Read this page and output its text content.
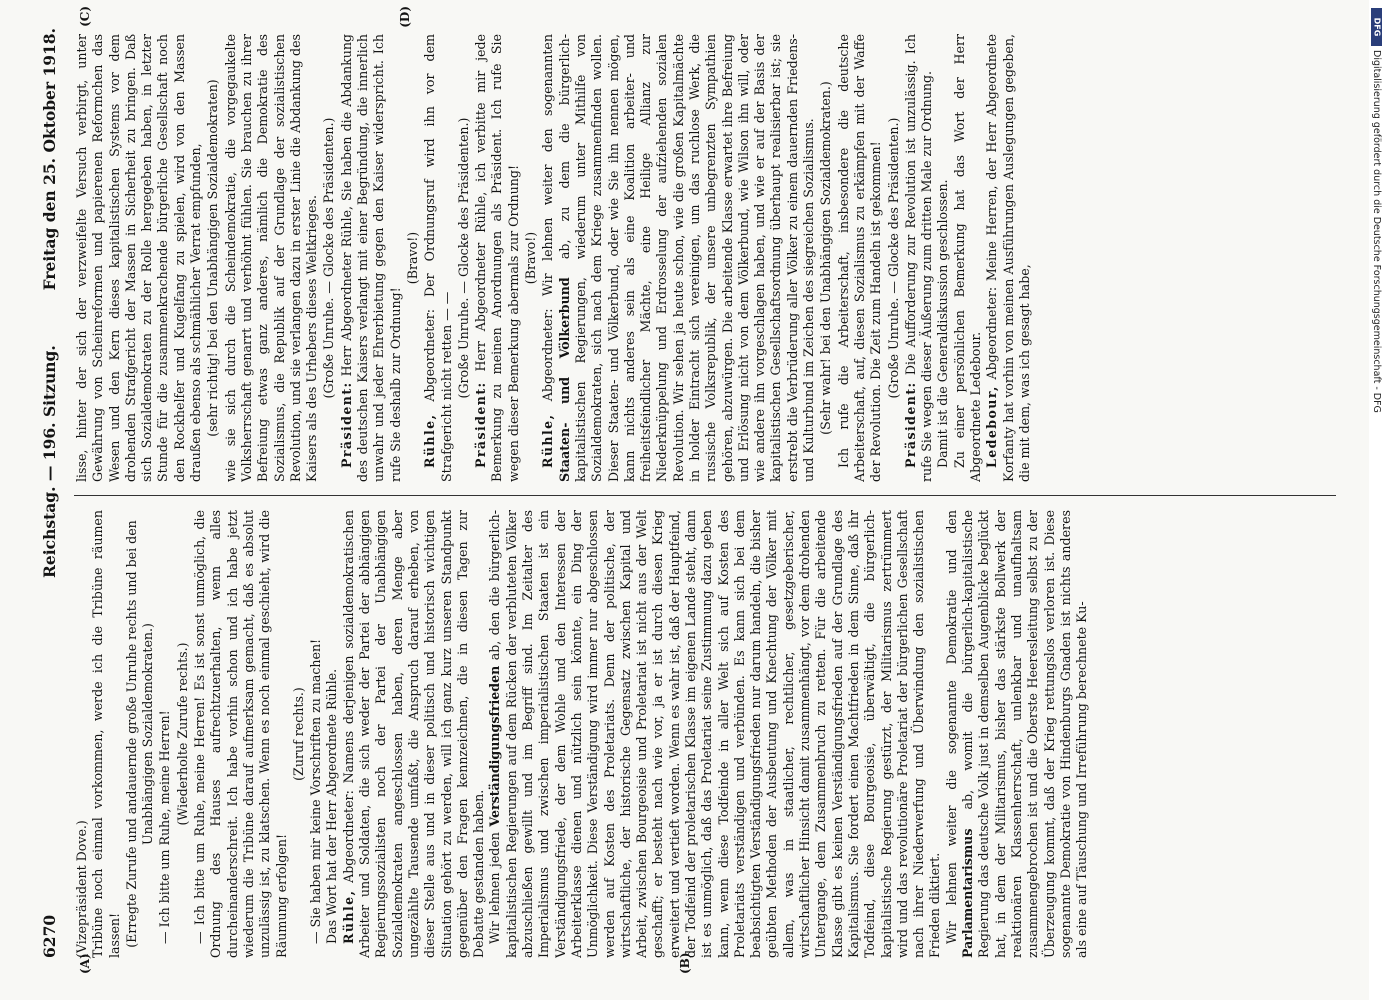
6270
Reichstag. — 196. Sitzung.
Freitag den 25. Oktober 1918.
(A)	(B)
(C)	(D)

(Vizepräsident Dove.) Tribüne noch einmal vorkommen, werde ich die Tribüne räumen lassen! (Erregte Zurufe und andauernde große Unruhe rechts und bei den Unabhängigen Sozialdemokraten.) — Ich bitte um Ruhe, meine Herren! (Wiederholte Zurufe rechts.) — Ich bitte um Ruhe, meine Herren! Es ist sonst unmöglich, die Ordnung des Hauses aufrechtzuerhalten, wenn alles durcheinanderschreit. Ich habe vorhin schon und ich habe jetzt wiederum die Tribüne darauf aufmerksam gemacht, daß es absolut unzulässig ist, zu klatschen. Wenn es noch einmal geschieht, wird die Räumung erfolgen!

(Zuruf rechts.) — Sie haben mir keine Vorschriften zu machen! Das Wort hat der Herr Abgeordnete Rühle. Rühle, Abgeordneter: Namens derjenigen sozialdemokratischen Arbeiter und Soldaten, die sich weder der Partei der abhängigen Regierungssozialisten noch der Partei der Unabhängigen Sozialdemokraten angeschlossen haben, deren Menge aber ungezählte Tausende umfaßt, die Anspruch darauf erheben, von dieser Stelle aus und in dieser politisch und historisch wichtigen Situation gehört zu werden, will ich ganz kurz unseren Standpunkt gegenüber den Fragen kennzeichnen, die in diesen Tagen zur Debatte gestanden haben. Wir lehnen jeden Verständigungsfrieden ab, den die bürgerlich-kapitalistischen Regierungen auf dem Rücken der verbluteten Völker abzuschließen gewillt und im Begriff sind. Im Zeitalter des Imperialismus und zwischen imperialistischen Staaten ist ein Verständigungsfriede, der dem Wohle und den Interessen der Arbeiterklasse dienen und nützlich sein könnte, ein Ding der Unmöglichkeit. Diese Verständigung wird immer nur abgeschlossen werden auf Kosten des Proletariats. Denn der politische, der wirtschaftliche, der historische Gegensatz zwischen Kapital und Arbeit, zwischen Bourgeoisie und Proletariat ist nicht aus der Welt geschafft; er besteht nach wie vor, ja er ist durch diesen Krieg erweitert und vertieft worden. Wenn es wahr ist, daß der Hauptfeind, der Todfeind der proletarischen Klasse im eigenen Lande steht, dann ist es unmöglich, daß das Proletariat seine Zustimmung dazu geben kann, wenn diese Todfeinde in aller Welt sich auf Kosten des Proletariats verständigen und verbünden. Es kann sich bei dem beabsichtigten Verständigungsfrieden nur darum handeln, die bisher geübten Methoden der Ausbeutung und Knechtung der Völker mit allem, was in staatlicher, rechtlicher, gesetzgeberischer, wirtschaftlicher Hinsicht damit zusammenhängt, vor dem drohenden Untergange, dem Zusammenbruch zu retten. Für die arbeitende Klasse gibt es keinen Verständigungsfrieden auf der Grundlage des Kapitalismus. Sie fordert einen Machtfrieden in dem Sinne, daß ihr Todfeind, diese Bourgeoisie, überwältigt, die bürgerlich-kapitalistische Regierung gestürzt, der Militarismus zertrümmert wird und das revolutionäre Proletariat der bürgerlichen Gesellschaft nach ihrer Niederwerfung und Überwindung den sozialistischen Frieden diktiert. Wir lehnen weiter die sogenannte Demokratie und den Parlamentarismus ab, womit die bürgerlich-kapitalistische Regierung das deutsche Volk just in demselben Augenblicke beglückt hat, in dem der Militarismus, bisher das stärkste Bollwerk der reaktionären Klassenherrschaft, unlenkbar und unaufhaltsam zusammengebrochen ist und die Oberste Heeresleitung selbst zu der Überzeugung kommt, daß der Krieg rettungslos verloren ist. Diese sogenannte Demokratie von Hindenburgs Gnaden ist nichts anderes als eine auf Täuschung und Irreführung berechnete Ku-

lisse, hinter der sich der verzweifelte Versuch verbirgt, unter Gewährung von Scheinreformen und papierenen Reformchen das Wesen und den Kern dieses kapitalistischen Systems vor dem drohenden Strafgericht der Massen in Sicherheit zu bringen. Daß sich Sozialdemokraten zu der Rolle hergegeben haben, in letzter Stunde für die zusammenkrachende bürgerliche Gesellschaft noch den Rockhelfer und Kugelfang zu spielen, wird von den Massen draußen ebenso als schmählicher Verrat empfunden, (sehr richtig! bei den Unabhängigen Sozialdemokraten) wie sie sich durch die Scheindemokratie, die vorgegaukelte Volksherrschaft genarrt und verhöhnt fühlen. Sie brauchen zu ihrer Befreiung etwas ganz anderes, nämlich die Demokratie des Sozialismus, die Republik auf der Grundlage der sozialistischen Revolution, und sie verlangen dazu in erster Linie die Abdankung des Kaisers als des Urhebers dieses Weltkrieges. (Große Unruhe. — Glocke des Präsidenten.)

Präsident: Herr Abgeordneter Rühle, Sie haben die Abdankung des deutschen Kaisers verlangt mit einer Begründung, die innerlich unwahr und jeder Ehrerbietung gegen den Kaiser widerspricht. Ich rufe Sie deshalb zur Ordnung!

(Bravo!)

Rühle, Abgeordneter: Der Ordnungsruf wird ihn vor dem Strafgericht nicht retten — — (Große Unruhe. — Glocke des Präsidenten.)

Präsident: Herr Abgeordneter Rühle, ich verbitte mir jede Bemerkung zu meinen Anordnungen als Präsident. Ich rufe Sie wegen dieser Bemerkung abermals zur Ordnung! (Bravo!)

Rühle, Abgeordneter: Wir lehnen weiter den sogenannten Staaten- und Völkerbund ab, zu dem die bürgerlich-kapitalistischen Regierungen, wiederum unter Mithilfe von Sozialdemokraten, sich nach dem Kriege zusammenfinden wollen. Dieser Staaten- und Völkerbund, oder wie Sie ihn nennen mögen, kann nichts anderes sein als eine Koalition arbeiter- und freiheitsfeindlicher Mächte, eine Heilige Allianz zur Niederknüppelung und Erdrosselung der aufziehenden sozialen Revolution. Wir sehen ja heute schon, wie die großen Kapitalmächte in holder Eintracht sich vereinigen, um das ruchlose Werk, die russische Volksrepublik, der unsere unbegrenzten Sympathien gehören, abzuwürgen. Die arbeitende Klasse erwartet ihre Befreiung und Erlösung nicht von dem Völkerbund, wie Wilson ihn will, oder wie andere ihn vorgeschlagen haben, und wie er auf der Basis der kapitalistischen Gesellschaftsordnung überhaupt realisierbar ist; sie erstrebt die Verbrüderung aller Völker zu einem dauernden Friedens- und Kulturbund im Zeichen des siegreichen Sozialismus. (Sehr wahr! bei den Unabhängigen Sozialdemokraten.) Ich rufe die Arbeiterschaft, insbesondere die deutsche Arbeiterschaft, auf, diesen Sozialismus zu erkämpfen mit der Waffe der Revolution. Die Zeit zum Handeln ist gekommen! (Große Unruhe. — Glocke des Präsidenten.)

Präsident: Die Aufforderung zur Revolution ist unzulässig. Ich rufe Sie wegen dieser Äußerung zum dritten Male zur Ordnung. Damit ist die Generaldiskussion geschlossen. Zu einer persönlichen Bemerkung hat das Wort der Herr Abgeordnete Ledebour. Ledebour, Abgeordneter: Meine Herren, der Herr Abgeordnete Korfanty hat vorhin von meinen Ausführungen Auslegungen gegeben, die mit dem, was ich gesagt habe,

DFG
Digitalisierung gefördert durch die Deutsche Forschungsgemeinschaft - DFG
